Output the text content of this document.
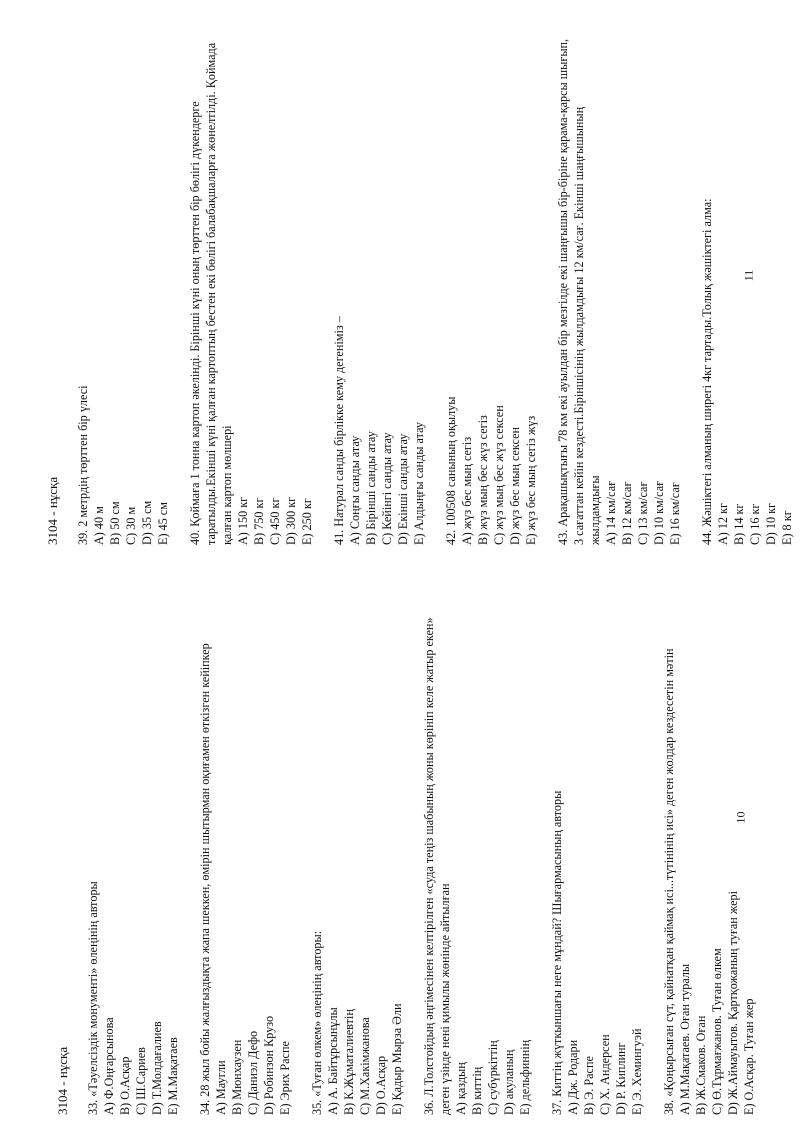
3104 - нұсқа 33. «Тәуелсіздік монументі» өлеңінің авторы A) Ф.Оңғарсынова B) О.Асқар C) Ш.Сариев D) Т.Молдағалиев E) М.Мақатаев 34. 28 жыл бойы жалғыздықта жапа шеккен, өмірін шытырман оқиғамен өткізген кейіпкер A) Маугли B) Мюнхаузен C) Даниэл Дефо D) Робинзон Крузо E) Эрих Распе 35. «Туған өлкем» өлеңінің авторы: A) А. Байтұрсынұлы B) К.Жұматалиевтің C) М.Хакімжанова D) О.Асқар E) Қадыр Мырза Әли 36. Л.Толстойдың әңгімесінен келтірілген «суда теңіз шабының жоны көрініп келе жатыр екен» деген үзінде нені қимылы жөнінде айтылған A) қаздың B) киттің C) субүркіттің D) акуланың E) дельфиннің 37. Киттің жүткыншағы неге мұндай? Шығармасының авторы A) Дж. Родари B) Э. Распе C) Х. Андерсен D) Р. Киплинг E) Э. Хемингуэй 38. «Қоңырсыған сүт, қайнатқан қаймақ исі...түтінінің исі» деген жолдар кездесетін мәтін A) М.Мақатаев. Оған туралы B) Ж.Смаков. Оған C) Ө.Тұрмағжанов. Туған өлкем D) Ж.Аймауытов. Қартқожаның туған жері E) О.Асқар. Туған жер
10
3104 - нұсқа 39. 2 метрдің төрттен бір үлесі A) 40 м B) 50 см C) 30 м D) 35 см E) 45 см 40. Қоймаға 1 тонна картоп әкелінді. Бірінші күні оның төрттен бір бөлігі дүкендерге таратылды.Екінші күні қалған картоптың бестен екі бөлігі балабақшаларға жөнелтілді. Қоймада қалған картоп мөлшері A) 150 кг B) 750 кг C) 450 кг D) 300 кг E) 250 кг 41. Натурал санды бірлікке кему дегеніміз – A) Соңғы санды атау B) Бірінші санды атау C) Кейінгі санды атау D) Екінші санды атау E) Алдыңғы санды атау 42. 100508 санының оқылуы A) жүз бес мың сегіз B) жүз мың бес жүз сегіз C) жүз мың бес жүз сексен D) жүз бес мың сексен E) жүз бес мың сегіз жүз 43. Арақашықтығы 78 км екі ауылдан бір мезгілде екі шаңғышы бір-біріне қарама-қарсы шығып, 3 сағаттан кейін кездесті.Біріншісінің жылдамдығы 12 км/сағ. Екінші шаңғышының жылдамдығы A) 14 км/сағ B) 12 км/сағ C) 13 км/сағ D) 10 км/сағ E) 16 км/сағ 44. Жәшіктегі алманың ширегі 4кг тартады.Толық жәшіктегі алма: A) 12 кг B) 14 кг C) 16 кг D) 10 кг E) 8 кг
11
